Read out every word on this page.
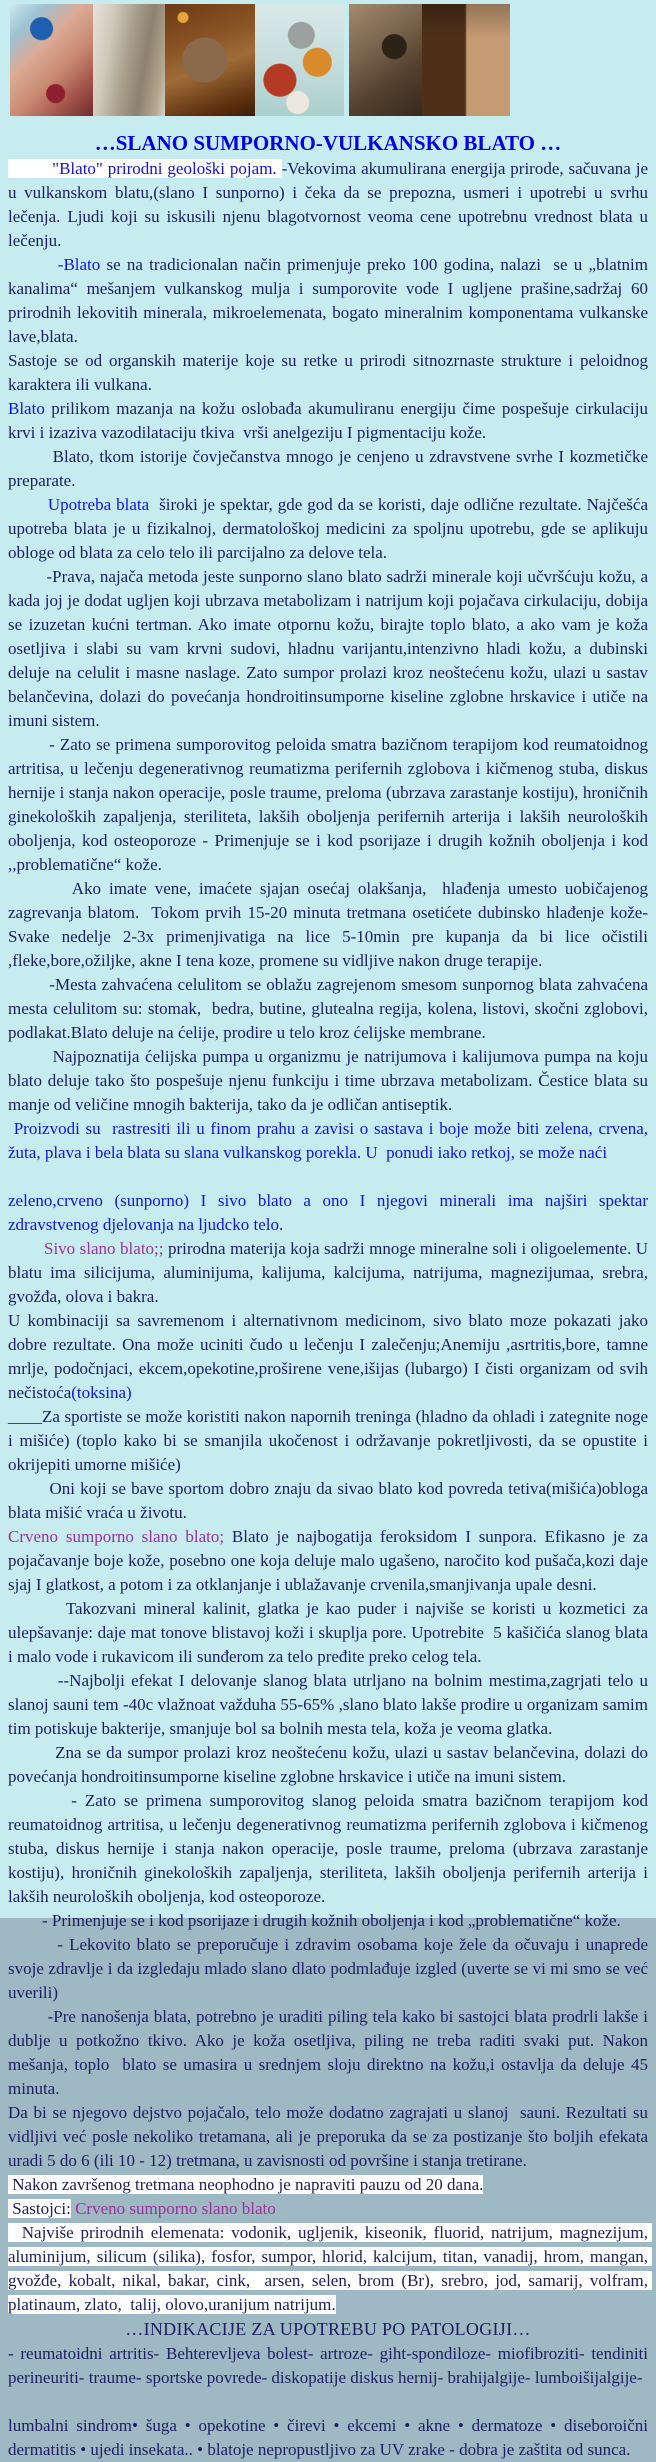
…SLANO SUMPORNO-VULKANSKO BLATO …
"Blato" prirodni geološki pojam. -Vekovima akumulirana energija prirode, sačuvana je u vulkanskom blatu,(slano I sunporno) i čeka da se prepozna, usmeri i upotrebi u svrhu lečenja. Ljudi koji su iskusili njenu blagotvornost veoma cene upotrebnu vrednost blata u lečenju.
-Blato se na tradicionalan način primenjuje preko 100 godina, nalazi  se u „blatnim kanalima“ mešanjem vulkanskog mulja i sumporovite vode I ugljene prašine,sadržaj 60 prirodnih lekovitih minerala, mikroelemenata, bogato mineralnim komponentama vulkanske lave,blata.
Sastoje se od organskih materije koje su retke u prirodi sitnozrnaste strukture i peloidnog karaktera ili vulkana.
Blato prilikom mazanja na kožu oslobađa akumuliranu energiju čime pospešuje cirkulaciju krvi i izaziva vazodilataciju tkiva  vrši anelgeziju I pigmentaciju kože.
Blato, tkom istorije čovječanstva mnogo je cenjeno u zdravstvene svrhe I kozmetičke preparate.
Upotreba blata  široki je spektar, gde god da se koristi, daje odlične rezultate. Najčešća upotreba blata je u fizikalnoj, dermatološkoj medicini za spoljnu upotrebu, gde se aplikuju obloge od blata za celo telo ili parcijalno za delove tela.
-Prava, najača metoda jeste sunporno slano blato sadrži minerale koji učvršćuju kožu, a kada joj je dodat ugljen koji ubrzava metabolizam i natrijum koji pojačava cirkulaciju, dobija se izuzetan kućni tertman. Ako imate otpornu kožu, birajte toplo blato, a ako vam je koža osetljiva i slabi su vam krvni sudovi, hladnu varijantu,intenzivno hladi kožu, a dubinski deluje na celulit i masne naslage. Zato sumpor prolazi kroz neoštećenu kožu, ulazi u sastav belančevina, dolazi do povećanja hondroitinsumporne kiseline zglobne hrskavice i utiče na imuni sistem.
- Zato se primena sumporovitog peloida smatra bazičnom terapijom kod reumatoidnog artritisa, u lečenju degenerativnog reumatizma perifernih zglobova i kičmenog stuba, diskus hernije i stanja nakon operacije, posle traume, preloma (ubrzava zarastanje kostiju), hroničnih ginekoloških zapaljenja, steriliteta, lakših oboljenja perifernih arterija i lakših neuroloških oboljenja, kod osteoporoze - Primenjuje se i kod psorijaze i drugih kožnih oboljenja i kod ,,problematične“ kože.
Ako imate vene, imaćete sjajan osećaj olakšanja,  hlađenja umesto uobičajenog zagrevanja blatom.  Tokom prvih 15-20 minuta tretmana osetićete dubinsko hlađenje kože-Svake nedelje 2-3x primenjivatiga na lice 5-10min pre kupanja da bi lice očistili ,fleke,bore,ožiljke, akne I tena koze, promene su vidljive nakon druge terapije.
-Mesta zahvaćena celulitom se oblažu zagrejenom smesom sunpornog blata zahvaćena mesta celulitom su: stomak,  bedra, butine, glutealna regija, kolena, listovi, skočni zglobovi, podlakat.Blato deluje na ćelije, prodire u telo kroz ćelijske membrane.
Najpoznatija ćelijska pumpa u organizmu je natrijumova i kalijumova pumpa na koju blato deluje tako što pospešuje njenu funkciju i time ubrzava metabolizam. Čestice blata su manje od veličine mnogih bakterija, tako da je odličan antiseptik.
Proizvodi su  rastresiti ili u finom prahu a zavisi o sastava i boje može biti zelena, crvena, žuta, plava i bela blata su slana vulkanskog porekla. U  ponudi iako retkoj, se može naći
zeleno,crveno (sunporno) I sivo blato a ono I njegovi minerali ima najširi spektar zdravstvenog djelovanja na ljudcko telo.
Sivo slano blato;; prirodna materija koja sadrži mnoge mineralne soli i oligoelemente. U blatu ima silicijuma, aluminijuma, kalijuma, kalcijuma, natrijuma, magnezijumaa, srebra, gvožđa, olova i bakra.
U kombinaciji sa savremenom i alternativnom medicinom, sivo blato moze pokazati jako dobre rezultate. Ona može uciniti čudo u lečenju I zalečenju;Anemiju ,asrtritis,bore, tamne mrlje, podočnjaci, ekcem,opekotine,proširene vene,išijas (lubargo) I čisti organizam od svih nečistoća(toksina)
____Za sportiste se može koristiti nakon napornih treninga (hladno da ohladi i zategnite noge i mišiće) (toplo kako bi se smanjila ukočenost i održavanje pokretljivosti, da se opustite i okrijepiti umorne mišiće)
Oni koji se bave sportom dobro znaju da sivao blato kod povreda tetiva(mišića)obloga blata mišić vraća u životu.
Crveno sumporno slano blato; Blato je najbogatija feroksidom I sunpora. Efikasno je za pojačavanje boje kože, posebno one koja deluje malo ugašeno, naročito kod pušača,kozi daje sjaj I glatkost, a potom i za otklanjanje i ublažavanje crvenila,smanjivanja upale desni.
Takozvani mineral kalinit, glatka je kao puder i najviše se koristi u kozmetici za ulepšavanje: daje mat tonove blistavoj koži i skuplja pore. Upotrebite  5 kašičića slanog blata i malo vode i rukavicom ili sunđerom za telo pređite preko celog tela.
--Najbolji efekat I delovanje slanog blata utrljano na bolnim mestima,zagrjati telo u slanoj sauni tem -40c vlažnoat važduha 55-65% ,slano blato lakše prodire u organizam samim tim potiskuje bakterije, smanjuje bol sa bolnih mesta tela, koža je veoma glatka.
Zna se da sumpor prolazi kroz neoštećenu kožu, ulazi u sastav belančevina, dolazi do povećanja hondroitinsumporne kiseline zglobne hrskavice i utiče na imuni sistem.
- Zato se primena sumporovitog slanog peloida smatra bazičnom terapijom kod reumatoidnog artritisa, u lečenju degenerativnog reumatizma perifernih zglobova i kičmenog stuba, diskus hernije i stanja nakon operacije, posle traume, preloma (ubrzava zarastanje kostiju), hroničnih ginekoloških zapaljenja, steriliteta, lakših oboljenja perifernih arterija i lakših neuroloških oboljenja, kod osteoporoze.
- Primenjuje se i kod psorijaze i drugih kožnih oboljenja i kod „problematične“ kože.
- Lekovito blato se preporučuje i zdravim osobama koje žele da očuvaju i unaprede svoje zdravlje i da izgledaju mlado slano dlato podmlađuje izgled (uverte se vi mi smo se već uverili)
-Pre nanošenja blata, potrebno je uraditi piling tela kako bi sastojci blata prodrli lakše i dublje u potkožno tkivo. Ako je koža osetljiva, piling ne treba raditi svaki put. Nakon mešanja, toplo  blato se umasira u srednjem sloju direktno na kožu,i ostavlja da deluje 45 minuta.
Da bi se njegovo dejstvo pojačalo, telo može dodatno zagrajati u slanoj  sauni. Rezultati su vidljivi već posle nekoliko tretamana, ali je preporuka da se za postizanje što boljih efekata uradi 5 do 6 (ili 10 - 12) tretmana, u zavisnosti od površine i stanja tretirane.
Nakon završenog tretmana neophodno je napraviti pauzu od 20 dana.
Sastojci: Crveno sumporno slano blato
Najviše prirodnih elemenata: vodonik, ugljenik, kiseonik, fluorid, natrijum, magnezijum, aluminijum, silicum (silika), fosfor, sumpor, hlorid, kalcijum, titan, vanadij, hrom, mangan, gvožđe, kobalt, nikal, bakar, cink,  arsen, selen, brom (Br), srebro, jod, samarij, volfram, platinaum, zlato,  talij, olovo,uranijum natrijum.
…INDIKACIJE ZA UPOTREBU PO PATOLOGIJI…
- reumatoidni artritis- Behterevljeva bolest- artroze- giht-spondiloze- miofibroziti- tendiniti perineuriti- traume- sportske povrede- diskopatije diskus hernij- brahijalgije- lumboišijalgije-
lumbalni sindrom• šuga • opekotine • čirevi • ekcemi • akne • dermatoze • diseboroični dermatitis • ujedi insekata.. • blatoje nepropustljivo za UV zrake - dobra je zaštita od sunca.
